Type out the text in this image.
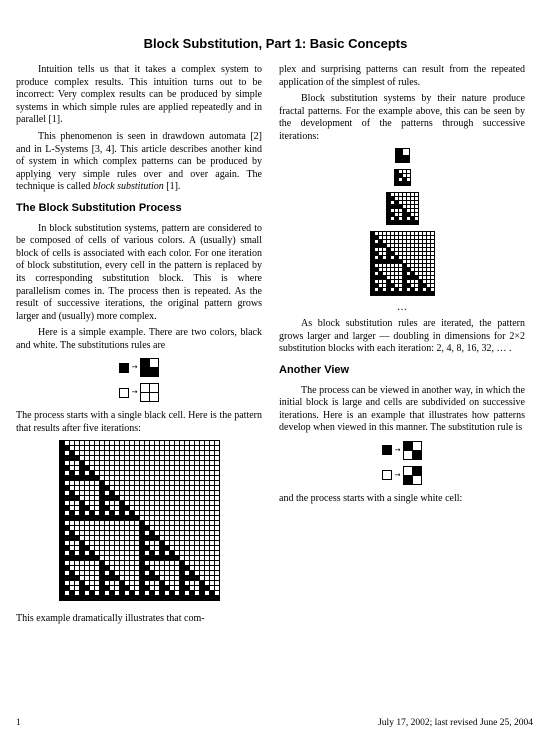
Block Substitution, Part 1: Basic Concepts

Intuition tells us that it takes a complex system to produce complex results. This intuition turns out to be incorrect: Very complex results can be produced by simple systems in which simple rules are applied repeatedly and in parallel [1].

This phenomenon is seen in drawdown automata [2] and in L-Systems [3, 4]. This article describes another kind of system in which complex patterns can be produced by applying very simple rules over and over again. The technique is called block substitution [1].

The Block Substitution Process

In block substitution systems, pattern are considered to be composed of cells of various colors. A (usually) small block of cells is associated with each color. For one iteration of block substitution, every cell in the pattern is replaced by its corresponding substitution block. This is where parallelism comes in. The process then is repeated. As the result of successive iterations, the original pattern grows larger and (usually) more complex.

Here is a simple example. There are two colors, black and white. The substitutions rules are

→
→

The process starts with a single black cell. Here is the pattern that results after five iterations:

This example dramatically illustrates that com-

plex and surprising patterns can result from the repeated application of the simplest of rules.

Block substitution systems by their nature produce fractal patterns. For the example above, this can be seen by the development of the patterns through successive iterations:

…

As block substitution rules are iterated, the pattern grows larger and larger — doubling in dimensions for 2×2 substitution blocks with each iteration: 2, 4, 8, 16, 32, … .

Another View

The process can be viewed in another way, in which the initial block is large and cells are subdivided on successive iterations. Here is an example that illustrates how patterns develop when viewed in this manner. The substitution rule is

→
→

and the process starts with a single white cell:

1	July 17, 2002; last revised June 25, 2004
